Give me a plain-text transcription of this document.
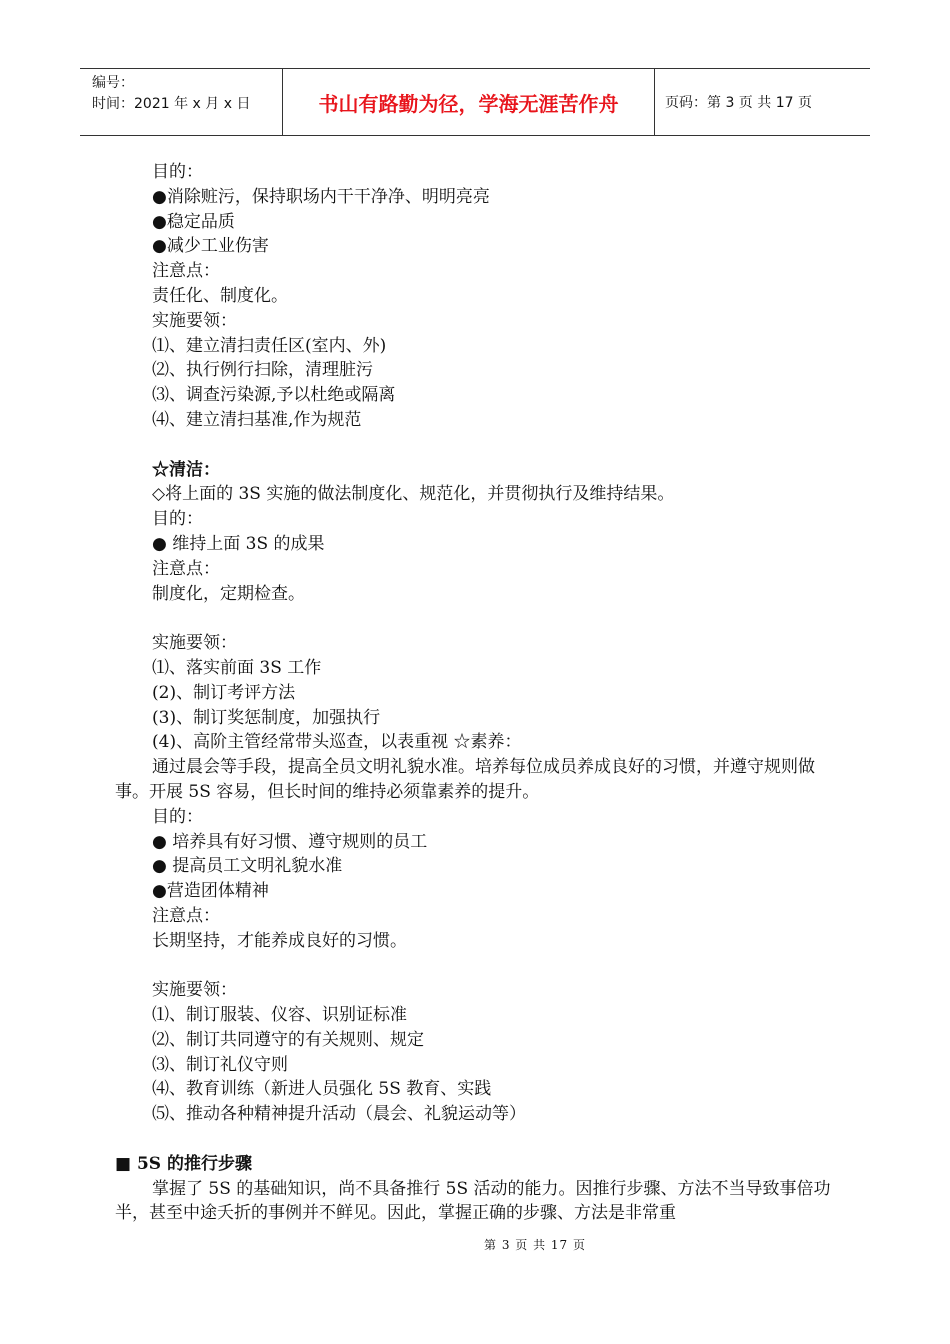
编号：
时间：2021 年 x 月 x 日	书山有路勤为径，学海无涯苦作舟	页码：第 3 页 共 17 页
目的：
●消除赃污，保持职场内干干净净、明明亮亮
●稳定品质
●减少工业伤害
注意点：
责任化、制度化。
实施要领：
⑴、建立清扫责任区(室内、外)
⑵、执行例行扫除，清理脏污
⑶、调查污染源,予以杜绝或隔离
⑷、建立清扫基准,作为规范
☆清洁：
◇将上面的 3S 实施的做法制度化、规范化，并贯彻执行及维持结果。
目的：
● 维持上面 3S 的成果
注意点：
制度化，定期检查。
实施要领：
⑴、落实前面 3S 工作
(2)、制订考评方法
(3)、制订奖惩制度，加强执行
(4)、高阶主管经常带头巡查，以表重视 ☆素养：
通过晨会等手段，提高全员文明礼貌水准。培养每位成员养成良好的习惯，并遵守规则做事。开展 5S 容易，但长时间的维持必须靠素养的提升。
目的：
● 培养具有好习惯、遵守规则的员工
● 提高员工文明礼貌水准
●营造团体精神
注意点：
长期坚持，才能养成良好的习惯。
实施要领：
⑴、制订服装、仪容、识别证标准
⑵、制订共同遵守的有关规则、规定
⑶、制订礼仪守则
⑷、教育训练（新进人员强化 5S 教育、实践
⑸、推动各种精神提升活动（晨会、礼貌运动等）
■ 5S 的推行步骤
掌握了 5S 的基础知识，尚不具备推行 5S 活动的能力。因推行步骤、方法不当导致事倍功半，甚至中途夭折的事例并不鲜见。因此，掌握正确的步骤、方法是非常重
第 3 页 共 17 页
